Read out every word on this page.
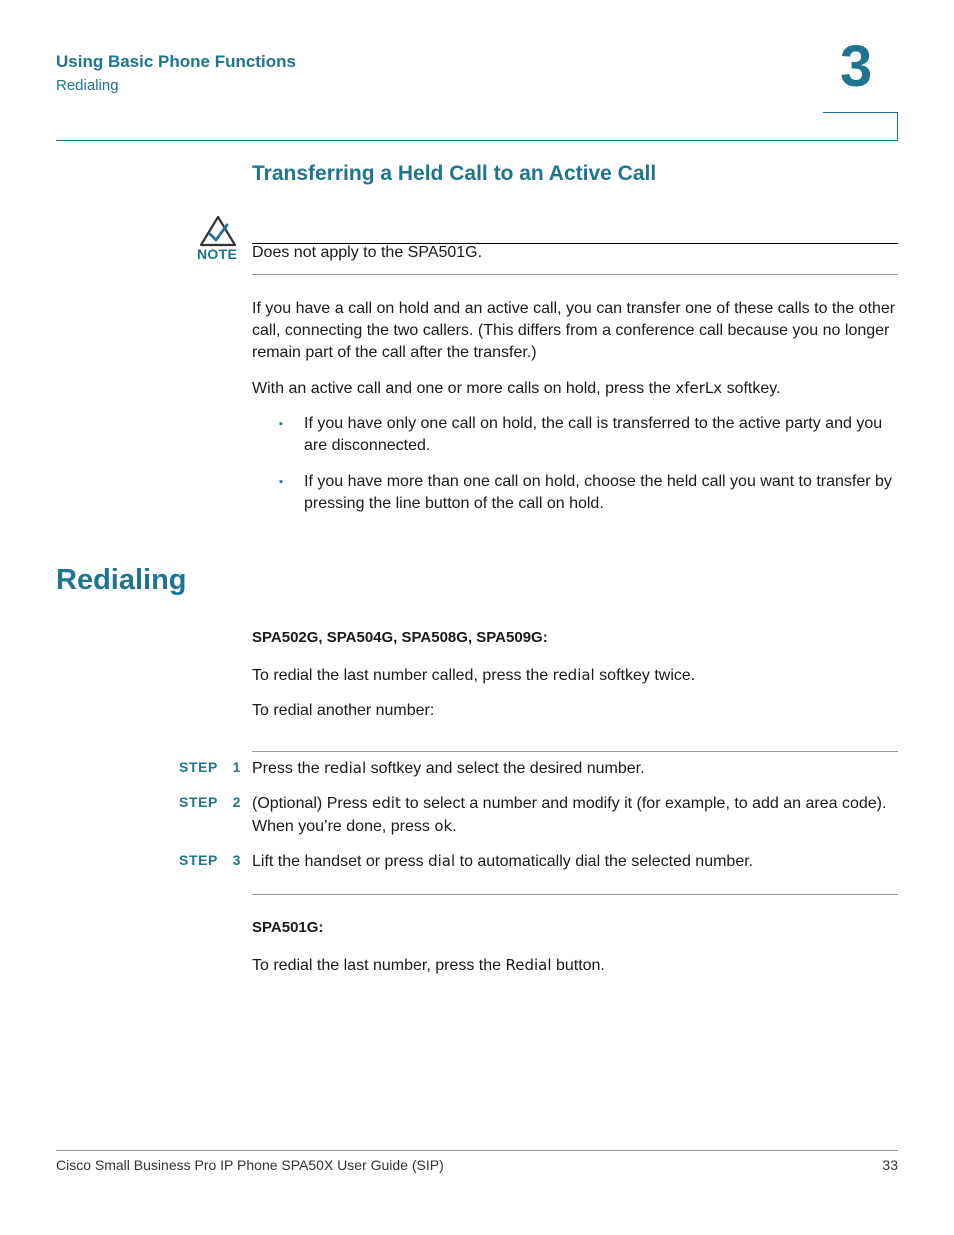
Using Basic Phone Functions
Redialing	3
Transferring a Held Call to an Active Call
NOTE Does not apply to the SPA501G.

If you have a call on hold and an active call, you can transfer one of these calls to the other call, connecting the two callers. (This differs from a conference call because you no longer remain part of the call after the transfer.)

With an active call and one or more calls on hold, press the xferLx softkey.

▪ If you have only one call on hold, the call is transferred to the active party and you are disconnected.
▪ If you have more than one call on hold, choose the held call you want to transfer by pressing the line button of the call on hold.
Redialing
SPA502G, SPA504G, SPA508G, SPA509G:

To redial the last number called, press the redial softkey twice.

To redial another number:

STEP 1 Press the redial softkey and select the desired number.
STEP 2 (Optional) Press edit to select a number and modify it (for example, to add an area code). When you’re done, press ok.
STEP 3 Lift the handset or press dial to automatically dial the selected number.
SPA501G:

To redial the last number, press the Redial button.

Cisco Small Business Pro IP Phone SPA50X User Guide (SIP)	33
